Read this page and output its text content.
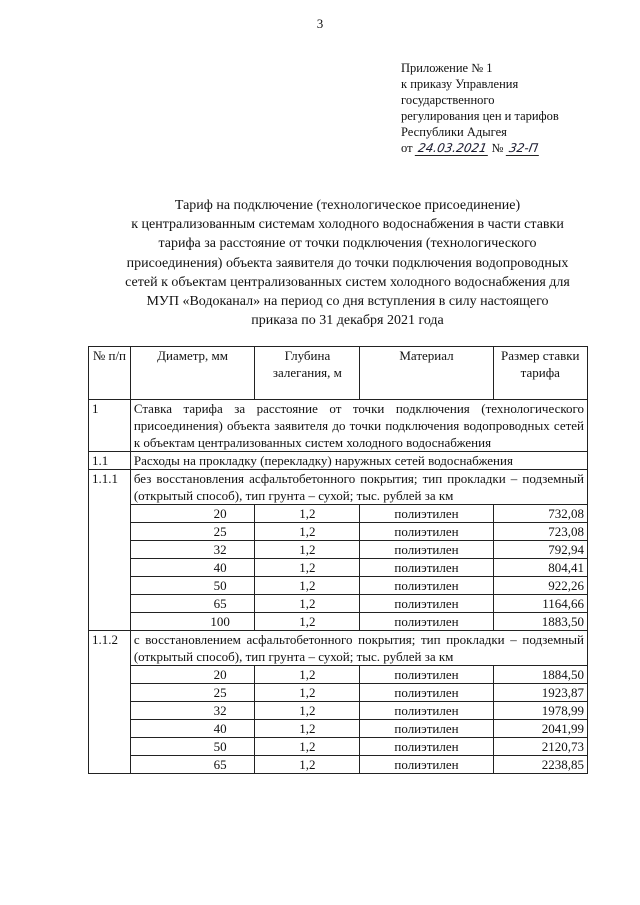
3
Приложение № 1
к приказу Управления
государственного
регулирования цен и тарифов
Республики Адыгея
от 24.03.2021 № 32-П
Тариф на подключение (технологическое присоединение)
к централизованным системам холодного водоснабжения в части ставки
тарифа за расстояние от точки подключения (технологического
присоединения) объекта заявителя до точки подключения водопроводных
сетей к объектам централизованных систем холодного водоснабжения для
МУП «Водоканал» на период со дня вступления в силу настоящего
приказа по 31 декабря 2021 года
№ п/п	Диаметр, мм	Глубина залегания, м	Материал	Размер ставки тарифа

1	Ставка тарифа за расстояние от точки подключения (технологического присоединения) объекта заявителя до точки подключения водопроводных сетей к объектам централизованных систем холодного водоснабжения			
1.1	Расходы на прокладку (перекладку) наружных сетей водоснабжения			
1.1.1	без восстановления асфальтобетонного покрытия; тип прокладки – подземный (открытый способ), тип грунта – сухой; тыс. рублей за км			
	20	1,2	полиэтилен	732,08
	25	1,2	полиэтилен	723,08
	32	1,2	полиэтилен	792,94
	40	1,2	полиэтилен	804,41
	50	1,2	полиэтилен	922,26
	65	1,2	полиэтилен	1164,66
	100	1,2	полиэтилен	1883,50
1.1.2	с восстановлением асфальтобетонного покрытия; тип прокладки – подземный (открытый способ), тип грунта – сухой; тыс. рублей за км			
	20	1,2	полиэтилен	1884,50
	25	1,2	полиэтилен	1923,87
	32	1,2	полиэтилен	1978,99
	40	1,2	полиэтилен	2041,99
	50	1,2	полиэтилен	2120,73
	65	1,2	полиэтилен	2238,85
